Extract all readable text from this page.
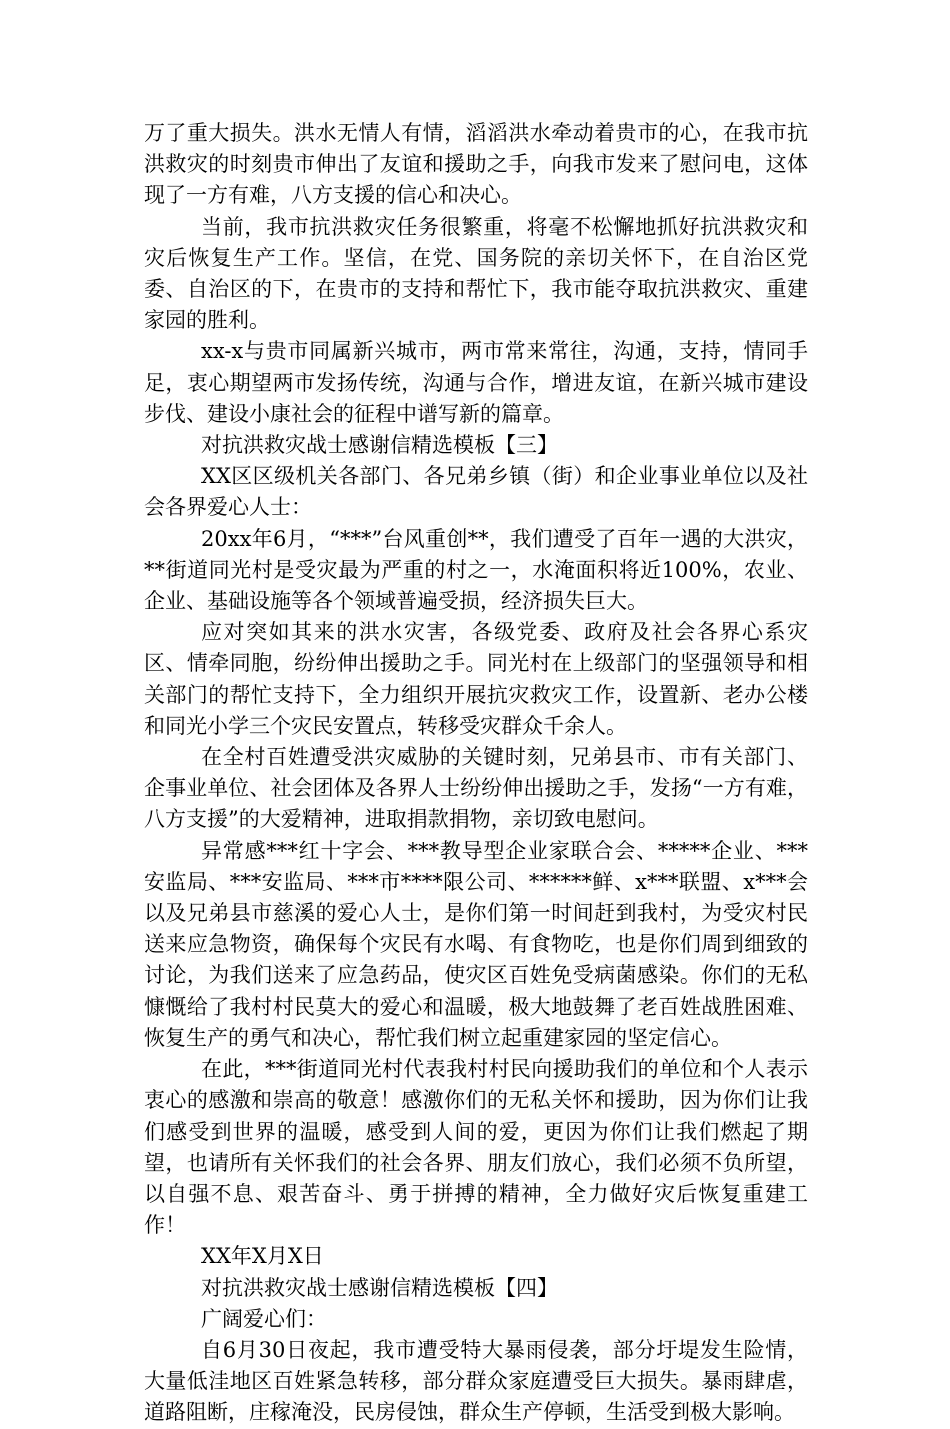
万了重大损失。洪水无情人有情，滔滔洪水牵动着贵市的心，在我市抗洪救灾的时刻贵市伸出了友谊和援助之手，向我市发来了慰问电，这体现了一方有难，八方支援的信心和决心。

当前，我市抗洪救灾任务很繁重，将毫不松懈地抓好抗洪救灾和灾后恢复生产工作。坚信，在党、国务院的亲切关怀下，在自治区党委、自治区的下，在贵市的支持和帮忙下，我市能夺取抗洪救灾、重建家园的胜利。

xx-x与贵市同属新兴城市，两市常来常往，沟通，支持，情同手足，衷心期望两市发扬传统，沟通与合作，增进友谊，在新兴城市建设步伐、建设小康社会的征程中谱写新的篇章。

对抗洪救灾战士感谢信精选模板【三】

XX区区级机关各部门、各兄弟乡镇（街）和企业事业单位以及社会各界爱心人士：

20xx年6月，“***”台风重创**，我们遭受了百年一遇的大洪灾，**街道同光村是受灾最为严重的村之一，水淹面积将近100%，农业、企业、基础设施等各个领域普遍受损，经济损失巨大。

应对突如其来的洪水灾害，各级党委、政府及社会各界心系灾区、情牵同胞，纷纷伸出援助之手。同光村在上级部门的坚强领导和相关部门的帮忙支持下，全力组织开展抗灾救灾工作，设置新、老办公楼和同光小学三个灾民安置点，转移受灾群众千余人。

在全村百姓遭受洪灾威胁的关键时刻，兄弟县市、市有关部门、企事业单位、社会团体及各界人士纷纷伸出援助之手，发扬“一方有难，八方支援”的大爱精神，进取捐款捐物，亲切致电慰问。

异常感***红十字会、***教导型企业家联合会、*****企业、***安监局、***安监局、***市****限公司、******鲜、x***联盟、x***会以及兄弟县市慈溪的爱心人士，是你们第一时间赶到我村，为受灾村民送来应急物资，确保每个灾民有水喝、有食物吃，也是你们周到细致的讨论，为我们送来了应急药品，使灾区百姓免受病菌感染。你们的无私慷慨给了我村村民莫大的爱心和温暖，极大地鼓舞了老百姓战胜困难、恢复生产的勇气和决心，帮忙我们树立起重建家园的坚定信心。

在此，***街道同光村代表我村村民向援助我们的单位和个人表示衷心的感激和崇高的敬意！感激你们的无私关怀和援助，因为你们让我们感受到世界的温暖，感受到人间的爱，更因为你们让我们燃起了期望，也请所有关怀我们的社会各界、朋友们放心，我们必须不负所望，以自强不息、艰苦奋斗、勇于拼搏的精神，全力做好灾后恢复重建工作！

XX年X月X日

对抗洪救灾战士感谢信精选模板【四】

广阔爱心们：

自6月30日夜起，我市遭受特大暴雨侵袭，部分圩堤发生险情，大量低洼地区百姓紧急转移，部分群众家庭遭受巨大损失。暴雨肆虐，道路阻断，庄稼淹没，民房侵蚀，群众生产停顿，生活受到极大影响。
